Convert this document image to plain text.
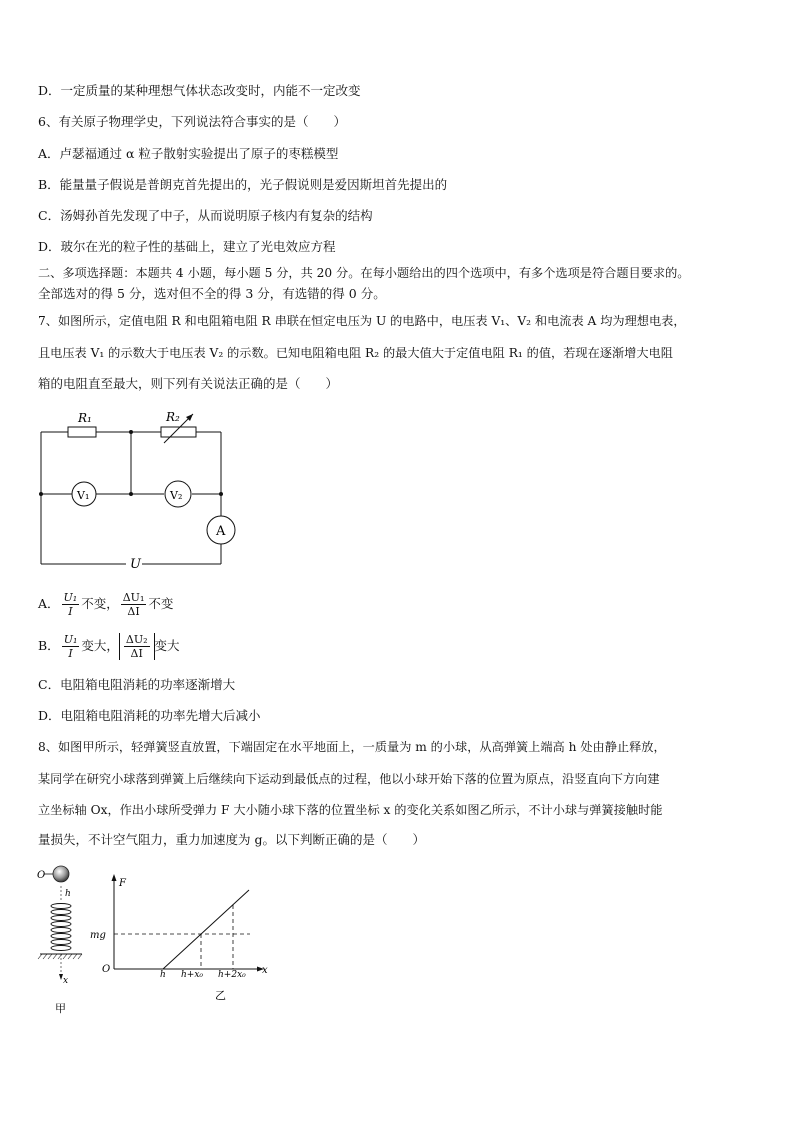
D．一定质量的某种理想气体状态改变时，内能不一定改变
6、有关原子物理学史，下列说法符合事实的是（　　）
A．卢瑟福通过 α 粒子散射实验提出了原子的枣糕模型
B．能量量子假说是普朗克首先提出的，光子假说则是爱因斯坦首先提出的
C．汤姆孙首先发现了中子，从而说明原子核内有复杂的结构
D．玻尔在光的粒子性的基础上，建立了光电效应方程
二、多项选择题：本题共 4 小题，每小题 5 分，共 20 分。在每小题给出的四个选项中，有多个选项是符合题目要求的。
全部选对的得 5 分，选对但不全的得 3 分，有选错的得 0 分。
7、如图所示，定值电阻 R 和电阻箱电阻 R 串联在恒定电压为 U 的电路中，电压表 V₁、V₂ 和电流表 A 均为理想电表，
且电压表 V₁ 的示数大于电压表 V₂ 的示数。已知电阻箱电阻 R₂ 的最大值大于定值电阻 R₁ 的值，若现在逐渐增大电阻
箱的电阻直至最大，则下列有关说法正确的是（　　）
R₁	R₂
V₁	V₂
A
U
A． $\frac{\text{U₁}}{I}$ 不变， $\frac{\text{ΔU₁}}{\Delta I}$ 不变
B． $\frac{\text{U₁}}{I}$ 变大， $\frac{\text{ΔU₂}}{\Delta I}$ 变大
C．电阻箱电阻消耗的功率逐渐增大
D．电阻箱电阻消耗的功率先增大后减小
8、如图甲所示，轻弹簧竖直放置，下端固定在水平地面上，一质量为 m 的小球，从高弹簧上端高 h 处由静止释放，
某同学在研究小球落到弹簧上后继续向下运动到最低点的过程，他以小球开始下落的位置为原点，沿竖直向下方向建
立坐标轴 Ox，作出小球所受弹力 F 大小随小球下落的位置坐标 x 的变化关系如图乙所示，不计小球与弹簧接触时能
量损失，不计空气阻力，重力加速度为 g。以下判断正确的是（　　）
O
h
x
甲
F
mg
O	x
h h+x₀ h+2x₀
乙
